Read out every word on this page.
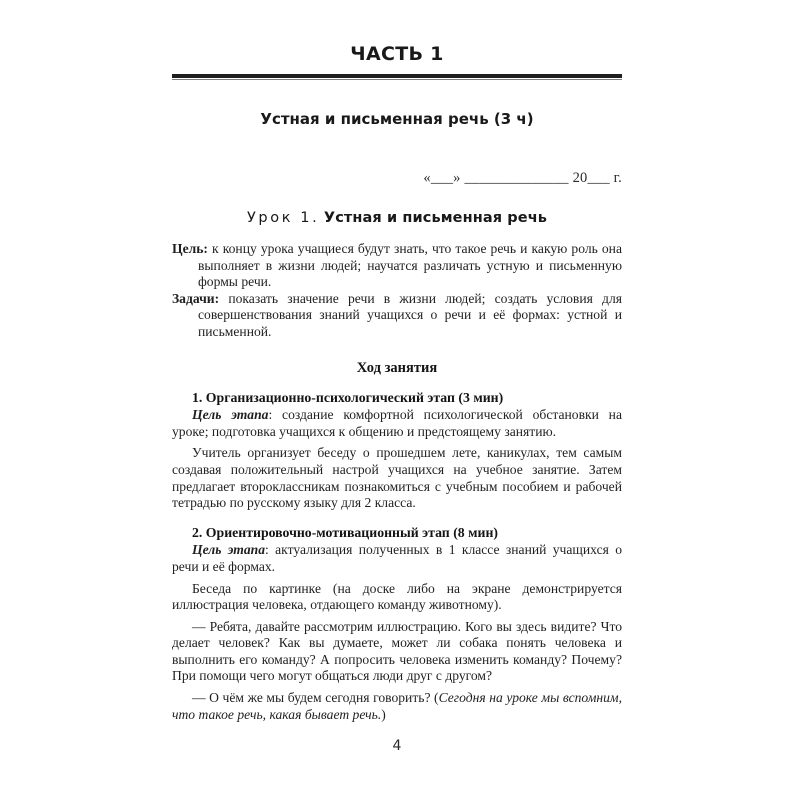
ЧАСТЬ 1
Устная и письменная речь (3 ч)

«___» ______________ 20___ г.

Урок 1. Устная и письменная речь

Цель: к концу урока учащиеся будут знать, что такое речь и какую роль она выполняет в жизни людей; научатся различать устную и письменную формы речи.

Задачи: показать значение речи в жизни людей; создать условия для совершенствования знаний учащихся о речи и её формах: устной и письменной.

Ход занятия

1. Организационно-психологический этап (3 мин)

Цель этапа: создание комфортной психологической обстановки на уроке; подготовка учащихся к общению и предстоящему занятию.

Учитель организует беседу о прошедшем лете, каникулах, тем самым создавая положительный настрой учащихся на учебное занятие. Затем предлагает второклассникам познакомиться с учебным пособием и рабочей тетрадью по русскому языку для 2 класса.

2. Ориентировочно-мотивационный этап (8 мин)

Цель этапа: актуализация полученных в 1 классе знаний учащихся о речи и её формах.

Беседа по картинке (на доске либо на экране демонстрируется иллюстрация человека, отдающего команду животному).

— Ребята, давайте рассмотрим иллюстрацию. Кого вы здесь видите? Что делает человек? Как вы думаете, может ли собака понять человека и выполнить его команду? А попросить человека изменить команду? Почему? При помощи чего могут общаться люди друг с другом?

— О чём же мы будем сегодня говорить? (Сегодня на уроке мы вспомним, что такое речь, какая бывает речь.)

4
